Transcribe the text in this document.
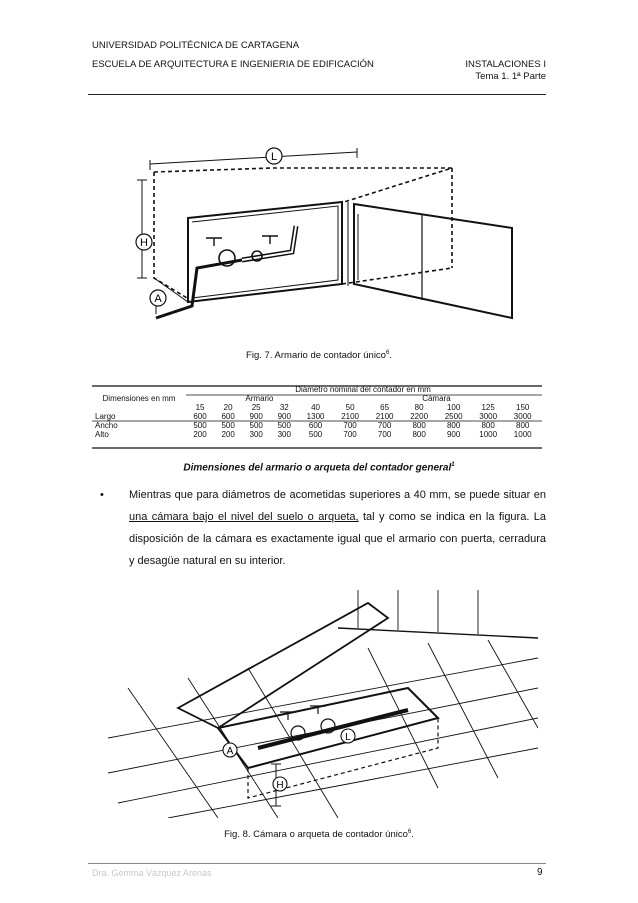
UNIVERSIDAD POLITÉCNICA DE CARTAGENA
ESCUELA DE ARQUITECTURA E INGENIERIA DE EDIFICACIÓN	INSTALACIONES I
Tema 1. 1ª Parte
L
H
A
Fig. 7. Armario de contador único$^6$.
Dimensiones en mm	Diámetro nominal del contador en mm										
	Armario					Cámara					
	15	20	25	32	40	50	65	80	100	125	150
Largo	600	600	900	900	1300	2100	2100	2200	2500	3000	3000
Ancho	500	500	500	500	600	700	700	800	800	800	800
Alto	200	200	300	300	500	700	700	800	900	1000	1000
Dimensiones del armario o arqueta del contador general$^1$
• Mientras que para diámetros de acometidas superiores a 40 mm, se puede situar en una cámara bajo el nivel del suelo o arqueta, tal y como se indica en la figura. La disposición de la cámara es exactamente igual que el armario con puerta, cerradura y desagüe natural en su interior.
L
H
A
Fig. 8. Cámara o arqueta de contador único$^6$.
Dra. Gemma Vázquez Arenas	9
